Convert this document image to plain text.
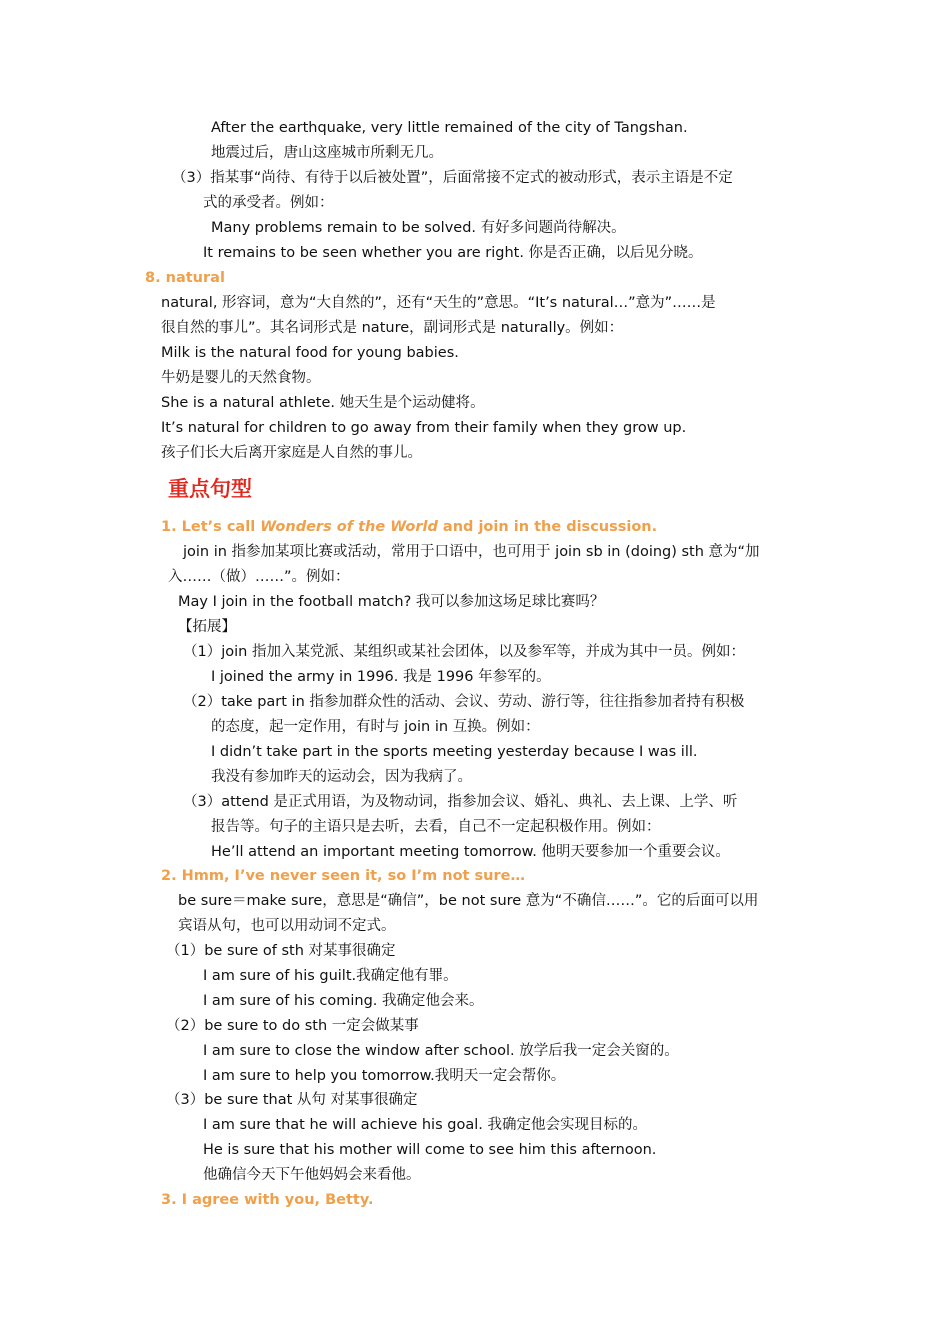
After the earthquake, very little remained of the city of Tangshan.
地震过后，唐山这座城市所剩无几。
（3）指某事“尚待、有待于以后被处置”，后面常接不定式的被动形式，表示主语是不定
式的承受者。例如：
Many problems remain to be solved. 有好多问题尚待解决。
It remains to be seen whether you are right. 你是否正确，以后见分晓。
8. natural
natural, 形容词，意为“大自然的”，还有“天生的”意思。“It’s natural…”意为”……是
很自然的事儿”。其名词形式是 nature，副词形式是 naturally。例如：
Milk is the natural food for young babies.
牛奶是婴儿的天然食物。
She is a natural athlete. 她天生是个运动健将。
It’s natural for children to go away from their family when they grow up.
孩子们长大后离开家庭是人自然的事儿。
重点句型
1. Let’s call Wonders of the World and join in the discussion.
join in 指参加某项比赛或活动，常用于口语中，也可用于 join sb in (doing) sth 意为“加
入……（做）……”。例如：
May I join in the football match? 我可以参加这场足球比赛吗？
【拓展】
（1）join 指加入某党派、某组织或某社会团体，以及参军等，并成为其中一员。例如：
I joined the army in 1996. 我是 1996 年参军的。
（2）take part in 指参加群众性的活动、会议、劳动、游行等，往往指参加者持有积极
的态度，起一定作用，有时与 join in 互换。例如：
I didn’t take part in the sports meeting yesterday because I was ill.
我没有参加昨天的运动会，因为我病了。
（3）attend 是正式用语，为及物动词，指参加会议、婚礼、典礼、去上课、上学、听
报告等。句子的主语只是去听，去看，自己不一定起积极作用。例如：
He’ll attend an important meeting tomorrow. 他明天要参加一个重要会议。
2. Hmm, I’ve never seen it, so I’m not sure…
be sure＝make sure，意思是“确信”，be not sure 意为“不确信……”。它的后面可以用
宾语从句，也可以用动词不定式。
（1）be sure of sth 对某事很确定
I am sure of his guilt.我确定他有罪。
I am sure of his coming. 我确定他会来。
（2）be sure to do sth 一定会做某事
I am sure to close the window after school. 放学后我一定会关窗的。
I am sure to help you tomorrow.我明天一定会帮你。
（3）be sure that 从句 对某事很确定
I am sure that he will achieve his goal. 我确定他会实现目标的。
He is sure that his mother will come to see him this afternoon.
他确信今天下午他妈妈会来看他。
3. I agree with you, Betty.
